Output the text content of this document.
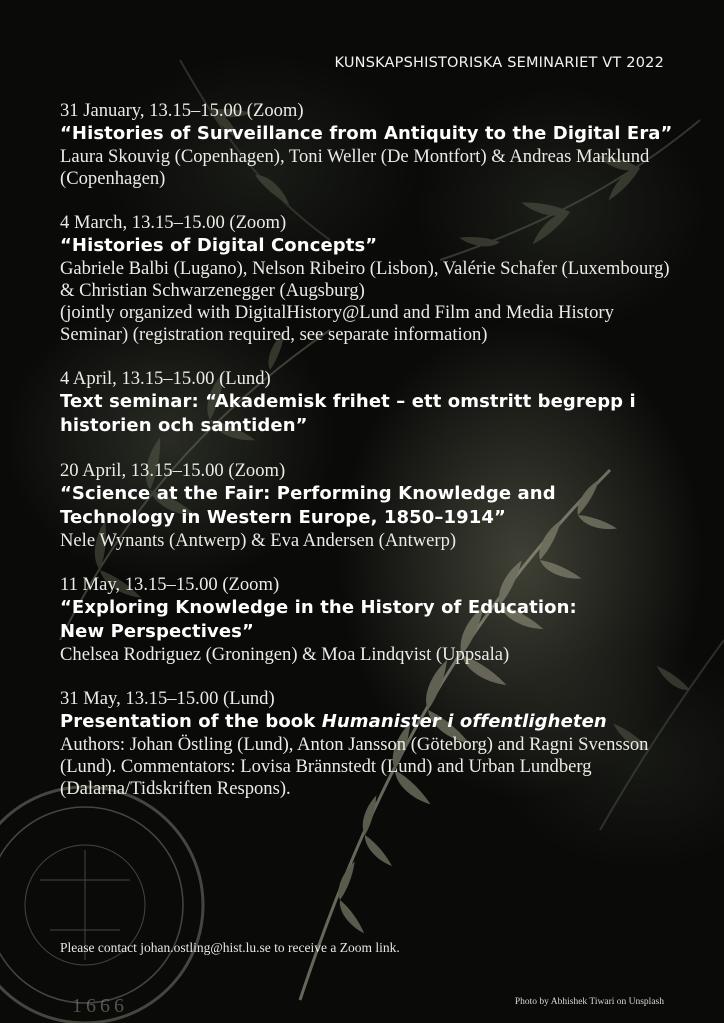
1666
KUNSKAPSHISTORISKA SEMINARIET VT 2022
31 January, 13.15–15.00 (Zoom)
“Histories of Surveillance from Antiquity to the Digital Era”
Laura Skouvig (Copenhagen), Toni Weller (De Montfort) & Andreas Marklund (Copenhagen)
4 March, 13.15–15.00 (Zoom)
“Histories of Digital Concepts”
Gabriele Balbi (Lugano), Nelson Ribeiro (Lisbon), Valérie Schafer (Luxembourg) & Christian Schwarzenegger (Augsburg)
(jointly organized with DigitalHistory@Lund and Film and Media History Seminar) (registration required, see separate information)
4 April, 13.15–15.00 (Lund)
Text seminar: “Akademisk frihet – ett omstritt begrepp i historien och samtiden”
20 April, 13.15–15.00 (Zoom)
“Science at the Fair: Performing Knowledge and
Technology in Western Europe, 1850–1914”
Nele Wynants (Antwerp) & Eva Andersen (Antwerp)
11 May, 13.15–15.00 (Zoom)
“Exploring Knowledge in the History of Education:
New Perspectives”
Chelsea Rodriguez (Groningen) & Moa Lindqvist (Uppsala)
31 May, 13.15–15.00 (Lund)
Presentation of the book Humanister i offentligheten
Authors: Johan Östling (Lund), Anton Jansson (Göteborg) and Ragni Svensson (Lund). Commentators: Lovisa Brännstedt (Lund) and Urban Lundberg (Dalarna/Tidskriften Respons).
Please contact johan.ostling@hist.lu.se to receive a Zoom link.
Photo by Abhishek Tiwari on Unsplash
